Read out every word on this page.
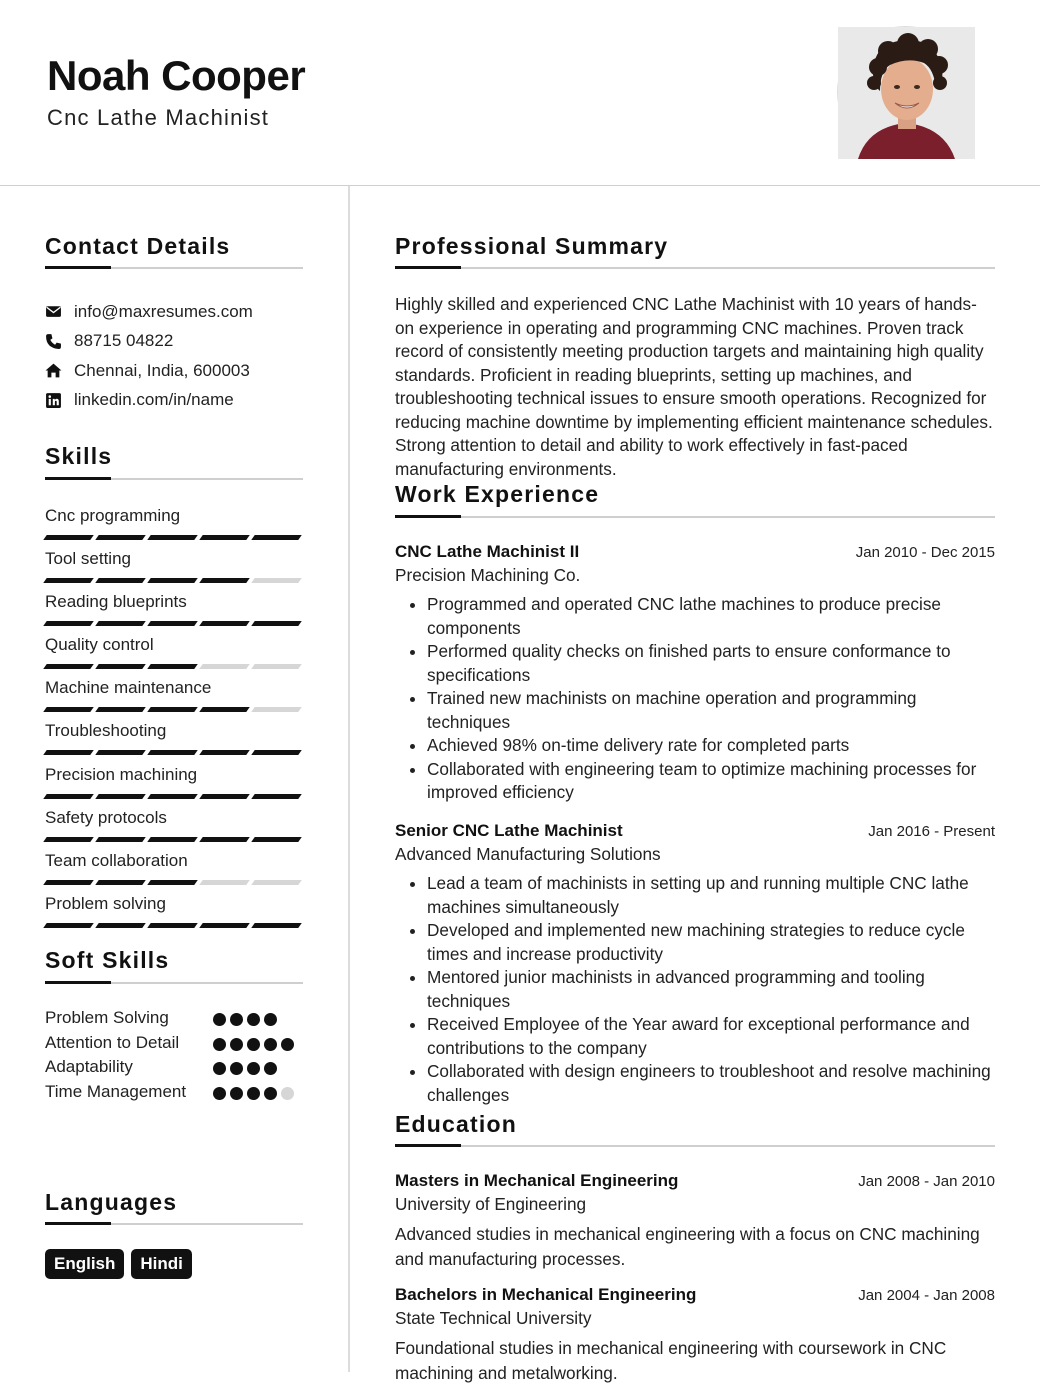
Noah Cooper
Cnc Lathe Machinist
Contact Details
info@maxresumes.com
88715 04822
Chennai, India, 600003
linkedin.com/in/name
Skills
Cnc programming
Tool setting
Reading blueprints
Quality control
Machine maintenance
Troubleshooting
Precision machining
Safety protocols
Team collaboration
Problem solving
Soft Skills
Problem Solving
Attention to Detail
Adaptability
Time Management
Languages
English	Hindi
Professional Summary
Highly skilled and experienced CNC Lathe Machinist with 10 years of hands-on experience in operating and programming CNC machines. Proven track record of consistently meeting production targets and maintaining high quality standards. Proficient in reading blueprints, setting up machines, and troubleshooting technical issues to ensure smooth operations. Recognized for reducing machine downtime by implementing efficient maintenance schedules. Strong attention to detail and ability to work effectively in fast-paced manufacturing environments.
Work Experience
CNC Lathe Machinist II	Jan 2010 - Dec 2015
Precision Machining Co.
• Programmed and operated CNC lathe machines to produce precise components
• Performed quality checks on finished parts to ensure conformance to specifications
• Trained new machinists on machine operation and programming techniques
• Achieved 98% on-time delivery rate for completed parts
• Collaborated with engineering team to optimize machining processes for improved efficiency
Senior CNC Lathe Machinist	Jan 2016 - Present
Advanced Manufacturing Solutions
• Lead a team of machinists in setting up and running multiple CNC lathe machines simultaneously
• Developed and implemented new machining strategies to reduce cycle times and increase productivity
• Mentored junior machinists in advanced programming and tooling techniques
• Received Employee of the Year award for exceptional performance and contributions to the company
• Collaborated with design engineers to troubleshoot and resolve machining challenges
Education
Masters in Mechanical Engineering	Jan 2008 - Jan 2010
University of Engineering
Advanced studies in mechanical engineering with a focus on CNC machining and manufacturing processes.
Bachelors in Mechanical Engineering	Jan 2004 - Jan 2008
State Technical University
Foundational studies in mechanical engineering with coursework in CNC machining and metalworking.
